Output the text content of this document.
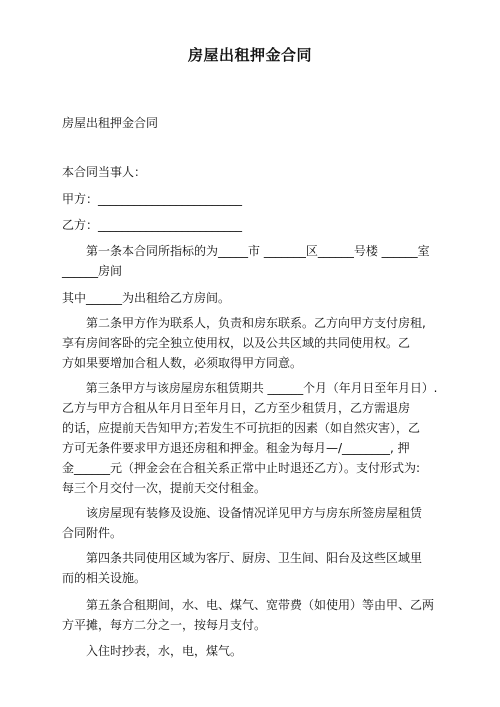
房屋出租押金合同
房屋出租押金合同
本合同当事人：
甲方：________________________
乙方：________________________
第一条本合同所指标的为_____市 _______区______号楼 ______室
______房间
其中______为出租给乙方房间。
第二条甲方作为联系人，负责和房东联系。乙方向甲方支付房租,
享有房间客卧的完全独立使用权，以及公共区域的共同使用权。乙
方如果要增加合租人数，必须取得甲方同意。
第三条甲方与该房屋房东租赁期共 ______个月（年月日至年月日）.
乙方与甲方合租从年月日至年月日，乙方至少租赁月，乙方需退房
的话，应提前天告知甲方;若发生不可抗拒的因素（如自然灾害），乙
方可无条件要求甲方退还房租和押金。租金为每月—/________, 押
金______元（押金会在合租关系正常中止时退还乙方）。支付形式为:
每三个月交付一次，提前天交付租金。
该房屋现有装修及设施、设备情况详见甲方与房东所签房屋租赁
合同附件。
第四条共同使用区域为客厅、厨房、卫生间、阳台及这些区域里
而的相关设施。
第五条合租期间，水、电、煤气、宽带费（如使用）等由甲、乙两
方平摊，每方二分之一，按每月支付。
入住时抄表，水，电，煤气。
